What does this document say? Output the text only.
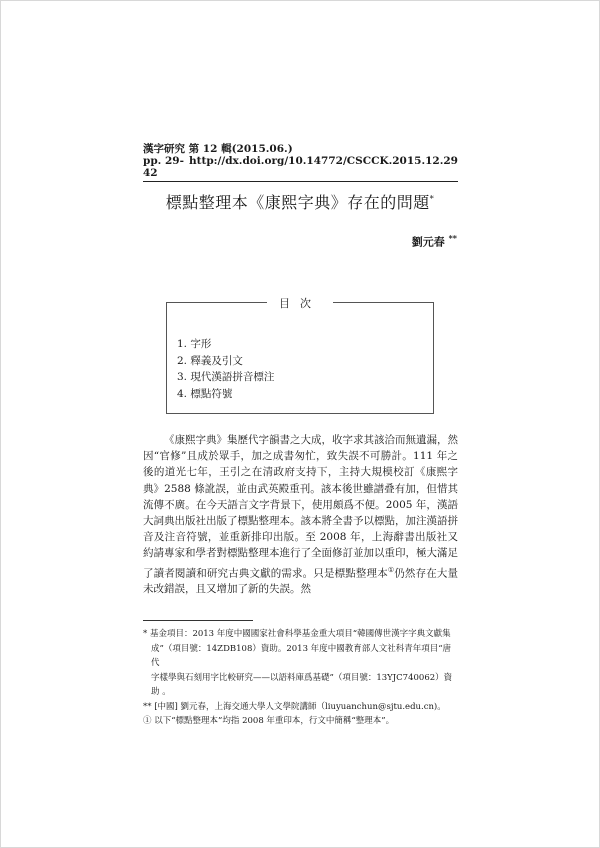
漢字研究 第 12 輯(2015.06.)
pp. 29-42
http://dx.doi.org/10.14772/CSCCK.2015.12.29
標點整理本《康熙字典》存在的問題*
劉元春 **
目次
1. 字形
2. 釋義及引文
3. 現代漢語拼音標注
4. 標點符號

《康熙字典》集歷代字韻書之大成，收字求其該洽而無遺漏，然因“官修”且成於眾手，加之成書匆忙，致失誤不可勝計。111 年之後的道光七年，王引之在清政府支持下，主持大規模校訂《康熙字典》2588 條訛誤，並由武英殿重刊。該本後世雖譜叠有加，但惜其流傳不廣。在今天語言文字背景下，使用頗爲不便。2005 年，漢語大詞典出版社出版了標點整理本。該本將全書予以標點，加注漢語拼音及注音符號，並重新排印出版。至 2008 年，上海辭書出版社又約請專家和學者對標點整理本進行了全面修訂並加以重印，極大滿足了讀者閱讀和研究古典文獻的需求。只是標點整理本①仍然存在大量未改錯誤，且又增加了新的失誤。然

* 基金項目：2013 年度中國國家社會科學基金重大項目“韓國傳世漢字字典文獻集

成”（項目號：14ZDB108）資助。2013 年度中國教育部人文社科青年項目“唐代

字樣學與石刻用字比較研究——以語料庫爲基礎”（項目號：13YJC740062）資助 。

** [中國] 劉元春，上海交通大學人文學院講師（liuyuanchun@sjtu.edu.cn)。

① 以下“標點整理本”均指 2008 年重印本，行文中簡稱“整理本”。
